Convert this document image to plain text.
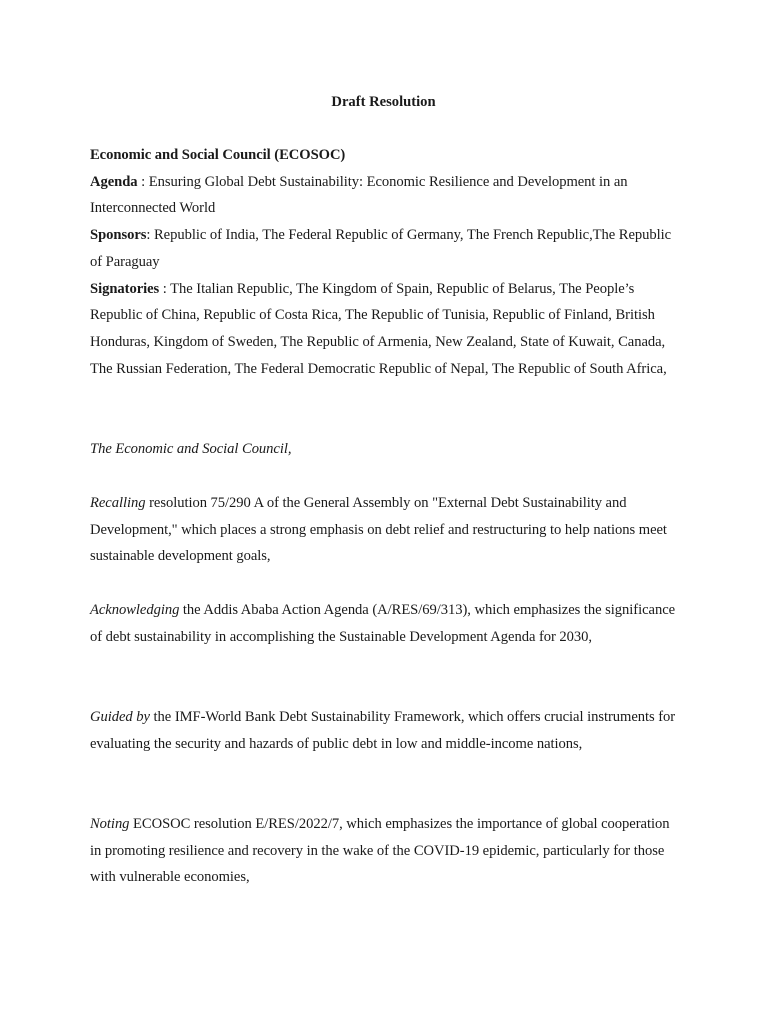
Draft Resolution
Economic and Social Council (ECOSOC)
Agenda : Ensuring Global Debt Sustainability: Economic Resilience and Development in an Interconnected World
Sponsors: Republic of India, The Federal Republic of Germany, The French Republic,The Republic of Paraguay
Signatories : The Italian Republic, The Kingdom of Spain, Republic of Belarus, The People’s Republic of China, Republic of Costa Rica, The Republic of Tunisia, Republic of Finland, British Honduras, Kingdom of Sweden, The Republic of Armenia, New Zealand, State of Kuwait, Canada, The Russian Federation, The Federal Democratic Republic of Nepal, The Republic of South Africa,
The Economic and Social Council,
Recalling resolution 75/290 A of the General Assembly on "External Debt Sustainability and Development," which places a strong emphasis on debt relief and restructuring to help nations meet sustainable development goals,
Acknowledging the Addis Ababa Action Agenda (A/RES/69/313), which emphasizes the significance of debt sustainability in accomplishing the Sustainable Development Agenda for 2030,
Guided by the IMF-World Bank Debt Sustainability Framework, which offers crucial instruments for evaluating the security and hazards of public debt in low and middle-income nations,
Noting ECOSOC resolution E/RES/2022/7, which emphasizes the importance of global cooperation in promoting resilience and recovery in the wake of the COVID-19 epidemic, particularly for those with vulnerable economies,
